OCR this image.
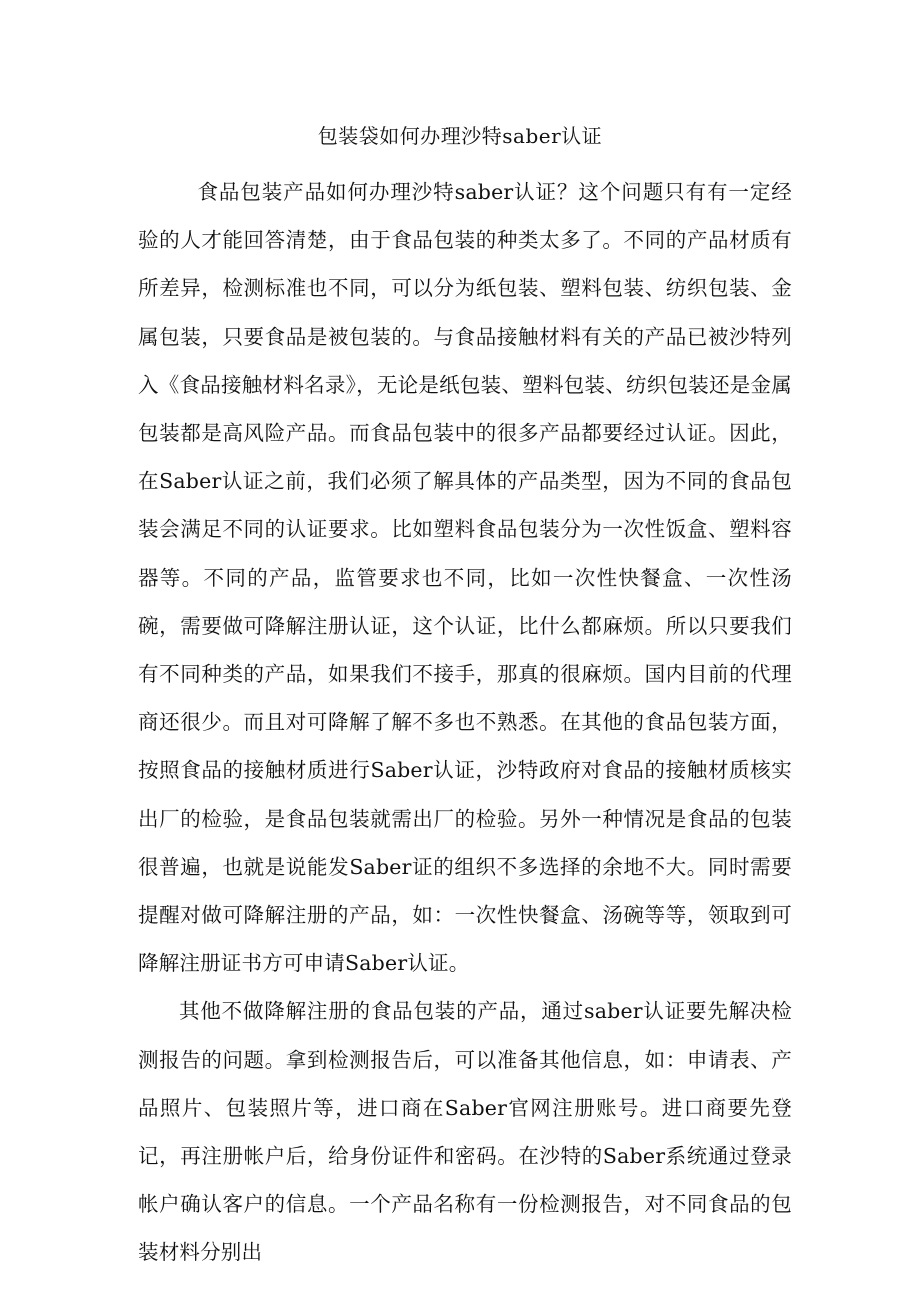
包装袋如何办理沙特saber认证

食品包装产品如何办理沙特saber认证？这个问题只有有一定经验的人才能回答清楚，由于食品包装的种类太多了。不同的产品材质有所差异，检测标准也不同，可以分为纸包装、塑料包装、纺织包装、金属包装，只要食品是被包装的。与食品接触材料有关的产品已被沙特列入《食品接触材料名录》，无论是纸包装、塑料包装、纺织包装还是金属包装都是高风险产品。而食品包装中的很多产品都要经过认证。因此，在Saber认证之前，我们必须了解具体的产品类型，因为不同的食品包装会满足不同的认证要求。比如塑料食品包装分为一次性饭盒、塑料容器等。不同的产品，监管要求也不同，比如一次性快餐盒、一次性汤碗，需要做可降解注册认证，这个认证，比什么都麻烦。所以只要我们有不同种类的产品，如果我们不接手，那真的很麻烦。国内目前的代理商还很少。而且对可降解了解不多也不熟悉。在其他的食品包装方面，按照食品的接触材质进行Saber认证，沙特政府对食品的接触材质核实出厂的检验，是食品包装就需出厂的检验。另外一种情况是食品的包装很普遍，也就是说能发Saber证的组织不多选择的余地不大。同时需要提醒对做可降解注册的产品，如：一次性快餐盒、汤碗等等，领取到可降解注册证书方可申请Saber认证。

其他不做降解注册的食品包装的产品，通过saber认证要先解决检测报告的问题。拿到检测报告后，可以准备其他信息，如：申请表、产品照片、包装照片等，进口商在Saber官网注册账号。进口商要先登记，再注册帐户后，给身份证件和密码。在沙特的Saber系统通过登录帐户确认客户的信息。一个产品名称有一份检测报告，对不同食品的包装材料分别出
